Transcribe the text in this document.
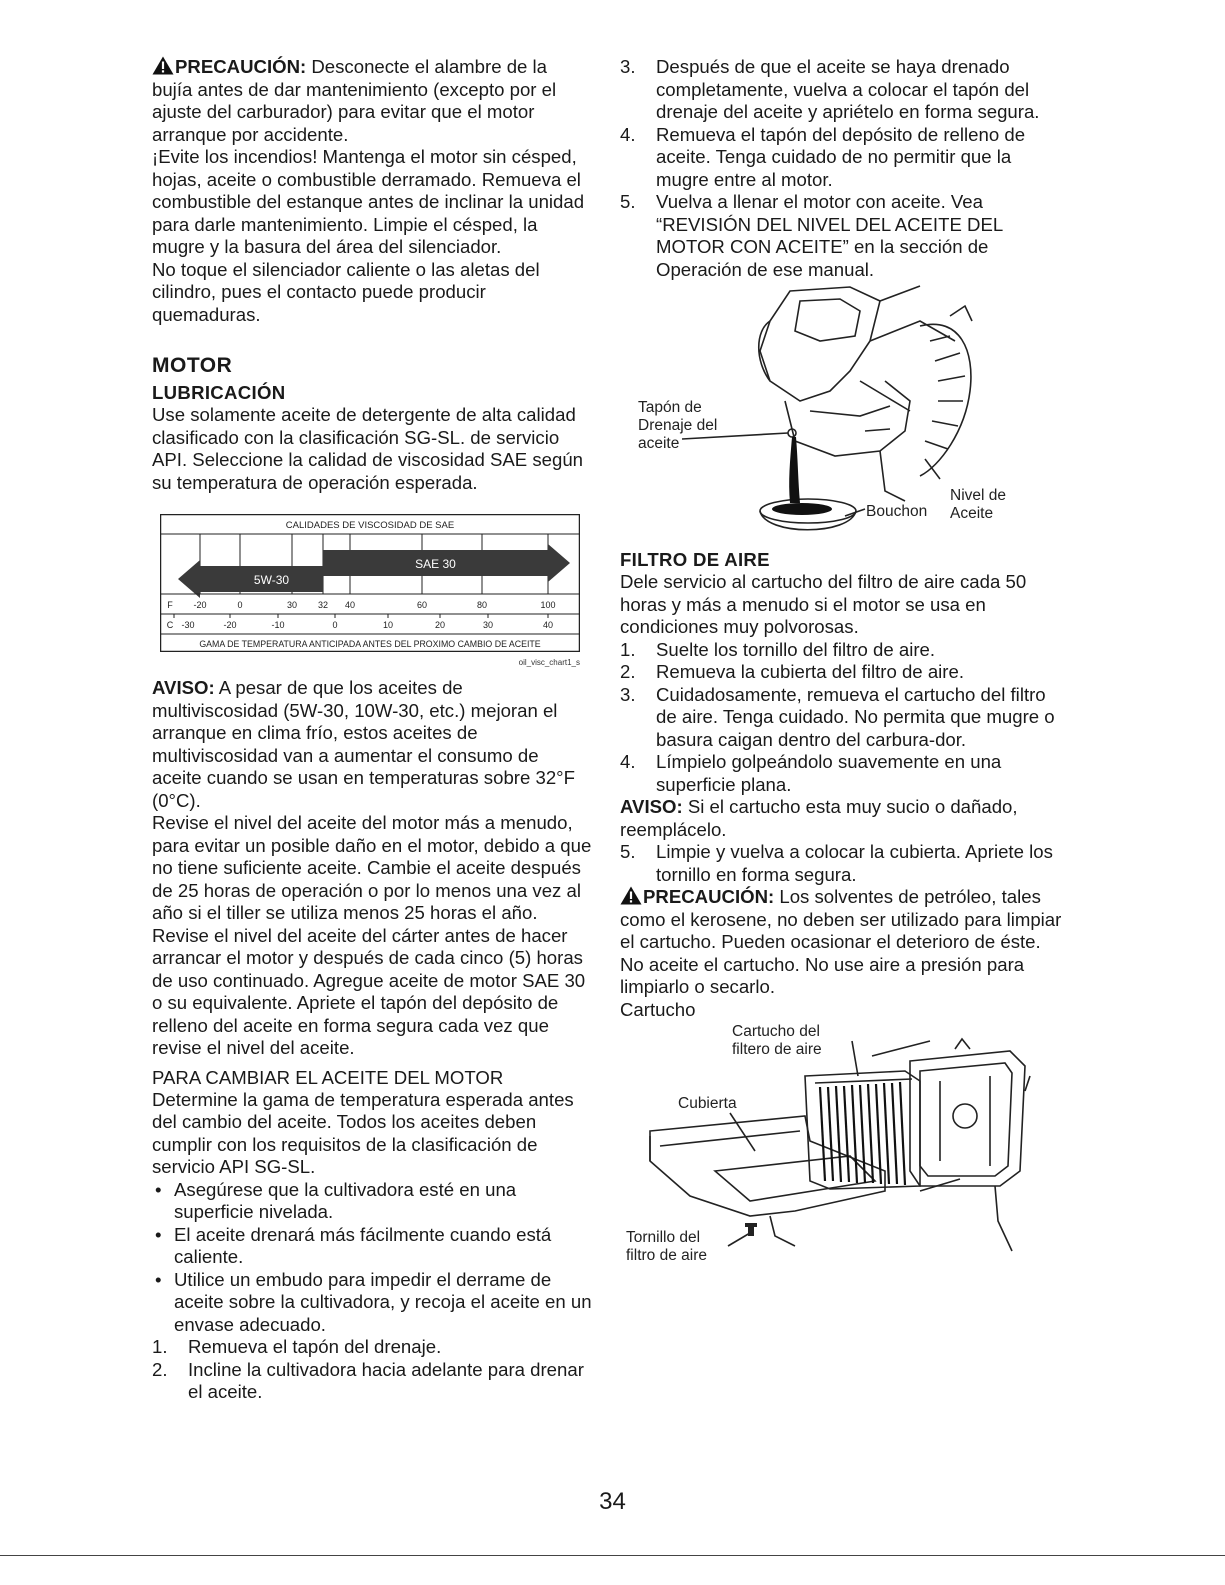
PRECAUCIÓN: Desconecte el alambre de la bujía antes de dar mantenimiento (excepto por el ajuste del carburador) para evitar que el motor arranque por accidente.

¡Evite los incendios! Mantenga el motor sin césped, hojas, aceite o combustible derramado. Remueva el combustible del estanque antes de inclinar la unidad para darle mantenimiento. Limpie el césped, la mugre y la basura del área del silenciador.

No toque el silenciador caliente o las aletas del cilindro, pues el contacto puede producir quemaduras.

MOTOR
LUBRICACIÓN

Use solamente aceite de detergente de alta calidad clasificado con la clasificación SG-SL. de servicio API. Seleccione la calidad de viscosidad SAE según su temperatura de operación esperada.

CALIDADES DE VISCOSIDAD DE SAE
5W-30
SAE 30
F -20	0	30 32 40	60	80	100
C -30	-20	-10	0	10	20	30	40
GAMA DE TEMPERATURA ANTICIPADA ANTES DEL PROXIMO CAMBIO DE ACEITE
oil_visc_chart1_s

AVISO: A pesar de que los aceites de multiviscosidad (5W-30, 10W-30, etc.) mejoran el arranque en clima frío, estos aceites de multiviscosidad van a aumentar el consumo de aceite cuando se usan en temperaturas sobre 32°F (0°C).

Revise el nivel del aceite del motor más a menudo, para evitar un posible daño en el motor, debido a que no tiene suficiente aceite. Cambie el aceite después de 25 horas de operación o por lo menos una vez al año si el tiller se utiliza menos 25 horas el año.

Revise el nivel del aceite del cárter antes de hacer arrancar el motor y después de cada cinco (5) horas de uso continuado. Agregue aceite de motor SAE 30 o su equivalente. Apriete el tapón del depósito de relleno del aceite en forma segura cada vez que revise el nivel del aceite.

PARA CAMBIAR EL ACEITE DEL MOTOR

Determine la gama de temperatura esperada antes del cambio del aceite. Todos los aceites deben cumplir con los requisitos de la clasificación de servicio API SG-SL.

• Asegúrese que la cultivadora esté en una superficie nivelada.
• El aceite drenará más fácilmente cuando está caliente.
• Utilice un embudo para impedir el derrame de aceite sobre la cultivadora, y recoja el aceite en un envase adecuado.
1.	Remueva el tapón del drenaje.
2.	Incline la cultivadora hacia adelante para drenar el aceite.
3.	Después de que el aceite se haya drenado completamente, vuelva a colocar el tapón del drenaje del aceite y apriételo en forma segura.
4.	Remueva el tapón del depósito de relleno de aceite. Tenga cuidado de no permitir que la mugre entre al motor.
5.	Vuelva a llenar el motor con aceite. Vea “REVISIÓN DEL NIVEL DEL ACEITE DEL MOTOR CON ACEITE” en la sección de Operación de ese manual.
Tapón de
Drenaje del
aceite
Bouchon
Nivel de
Aceite
FILTRO DE AIRE

Dele servicio al cartucho del filtro de aire cada 50 horas y más a menudo si el motor se usa en condiciones muy polvorosas.

1.	Suelte los tornillo del filtro de aire.
2.	Remueva la cubierta del filtro de aire.
3.	Cuidadosamente, remueva el cartucho del filtro de aire. Tenga cuidado. No permita que mugre o basura caigan dentro del carbura-dor.
4.	Límpielo golpeándolo suavemente en una superficie plana.

AVISO: Si el cartucho esta muy sucio o dañado, reemplácelo.

5.	Limpie y vuelva a colocar la cubierta. Apriete los tornillo en forma segura.

PRECAUCIÓN: Los solventes de petróleo, tales como el kerosene, no deben ser utilizado para limpiar el cartucho. Pueden ocasionar el deterioro de éste. No aceite el cartucho. No use aire a presión para limpiarlo o secarlo.

Cartucho

Cartucho del
filtero de aire
Cubierta
Tornillo del
filtro de aire
34
